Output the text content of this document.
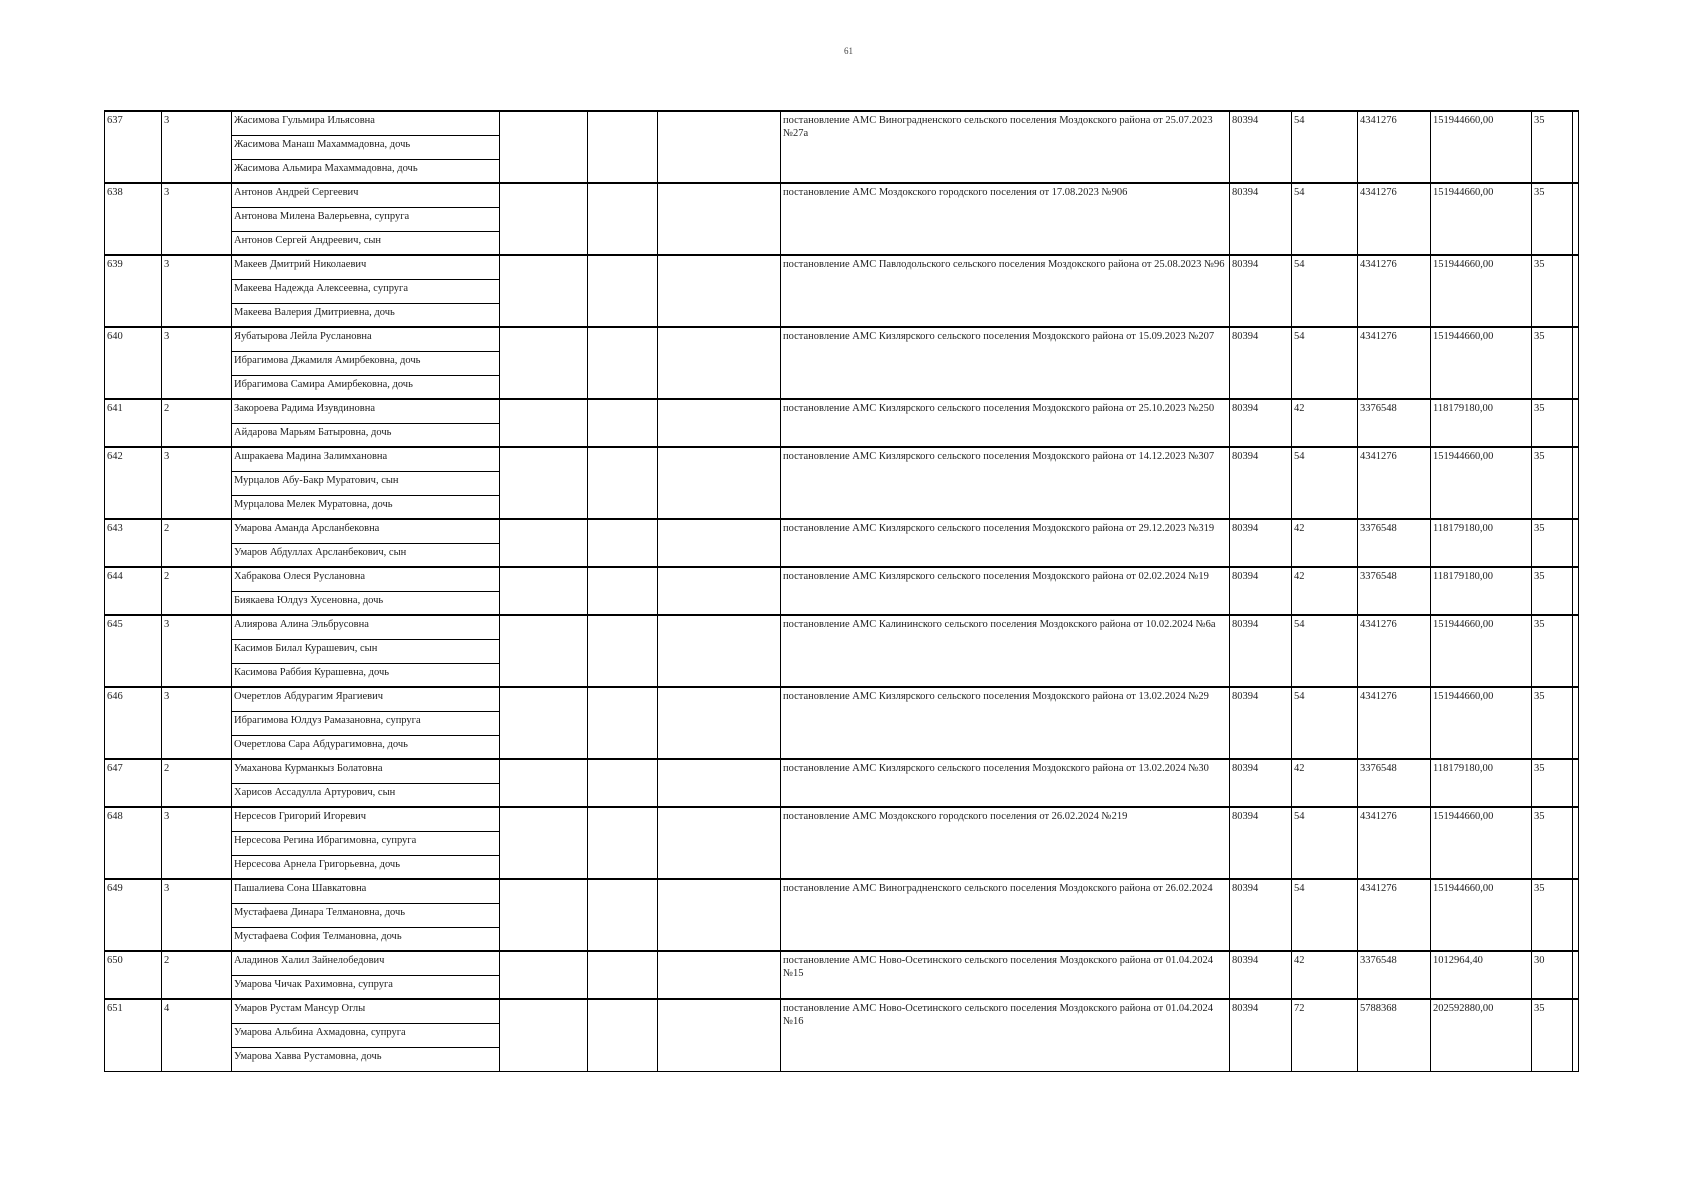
61
637	3	Жасимова Гульмира Ильясовна				постановление АМС Виноградненского сельского поселения Моздокского района от 25.07.2023 №27а	80394	54	4341276	151944660,00	35	
		Жасимова Манаш Махаммадовна, дочь										
		Жасимова Альмира Махаммадовна, дочь										
638	3	Антонов Андрей Сергеевич				постановление АМС Моздокского городского поселения от 17.08.2023 №906	80394	54	4341276	151944660,00	35	
		Антонова Милена Валерьевна, супруга										
		Антонов Сергей Андреевич, сын										
639	3	Макеев Дмитрий Николаевич				постановление АМС Павлодольского сельского поселения Моздокского района от 25.08.2023 №96	80394	54	4341276	151944660,00	35	
		Макеева Надежда Алексеевна, супруга										
		Макеева Валерия Дмитриевна, дочь										
640	3	Яубатырова Лейла Руслановна				постановление АМС Кизлярского сельского поселения Моздокского района от 15.09.2023 №207	80394	54	4341276	151944660,00	35	
		Ибрагимова Джамиля Амирбековна, дочь										
		Ибрагимова Самира Амирбековна, дочь										
641	2	Закороева Радима Изувдиновна				постановление АМС Кизлярского сельского поселения Моздокского района от 25.10.2023 №250	80394	42	3376548	118179180,00	35	
		Айдарова Марьям Батыровна, дочь										
642	3	Ашракаева Мадина Залимхановна				постановление АМС Кизлярского сельского поселения Моздокского района от 14.12.2023 №307	80394	54	4341276	151944660,00	35	
		Мурцалов Абу-Бакр Муратович, сын										
		Мурцалова Мелек Муратовна, дочь										
643	2	Умарова Аманда Арсланбековна				постановление АМС Кизлярского сельского поселения Моздокского района от 29.12.2023 №319	80394	42	3376548	118179180,00	35	
		Умаров Абдуллах Арсланбекович, сын										
644	2	Хабракова Олеся Руслановна				постановление АМС Кизлярского сельского поселения Моздокского района от 02.02.2024 №19	80394	42	3376548	118179180,00	35	
		Биякаева Юлдуз Хусеновна, дочь										
645	3	Алиярова Алина Эльбрусовна				постановление АМС Калининского сельского поселения Моздокского района от 10.02.2024 №6а	80394	54	4341276	151944660,00	35	
		Касимов Билал Курашевич, сын										
		Касимова Раббия Курашевна, дочь										
646	3	Очеретлов Абдурагим Ярагиевич				постановление АМС Кизлярского сельского поселения Моздокского района от 13.02.2024 №29	80394	54	4341276	151944660,00	35	
		Ибрагимова Юлдуз Рамазановна, супруга										
		Очеретлова Сара Абдурагимовна, дочь										
647	2	Умаханова Курманкыз Болатовна				постановление АМС Кизлярского сельского поселения Моздокского района от 13.02.2024 №30	80394	42	3376548	118179180,00	35	
		Харисов Ассадулла Артурович, сын										
648	3	Нерсесов Григорий Игоревич				постановление АМС Моздокского городского поселения от 26.02.2024 №219	80394	54	4341276	151944660,00	35	
		Нерсесова Регина Ибрагимовна, супруга										
		Нерсесова Арнела Григорьевна, дочь										
649	3	Пашалиева Сона Шавкатовна				постановление АМС Виноградненского сельского поселения Моздокского района от 26.02.2024	80394	54	4341276	151944660,00	35	
		Мустафаева Динара Телмановна, дочь										
		Мустафаева София Телмановна, дочь										
650	2	Аладинов Халил Зайнелобедович				постановление АМС Ново-Осетинского сельского поселения Моздокского района от 01.04.2024 №15	80394	42	3376548	1012964,40	30	
		Умарова Чичак Рахимовна, супруга										
651	4	Умаров Рустам Мансур Оглы				постановление АМС Ново-Осетинского сельского поселения Моздокского района от 01.04.2024 №16	80394	72	5788368	202592880,00	35	
		Умарова Альбина Ахмадовна, супруга										
		Умарова Хавва Рустамовна, дочь										
